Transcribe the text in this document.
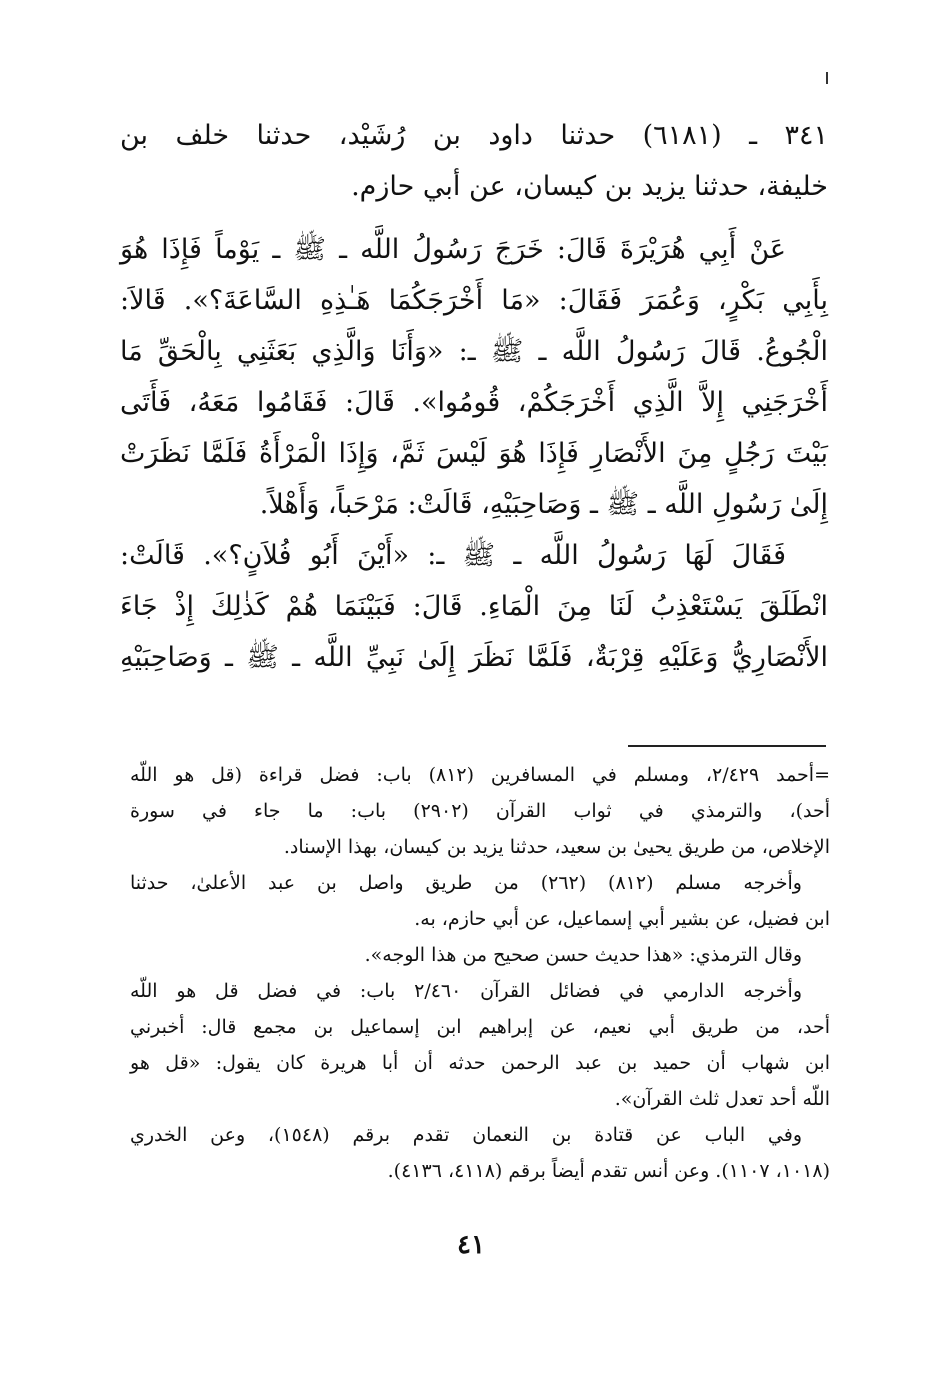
٣٤١ ـ (٦١٨١) حدثنا داود بن رُشَيْد، حدثنا خلف بن
خليفة، حدثنا يزيد بن كيسان، عن أبي حازم.
عَنْ أَبِي هُرَيْرَةَ قَالَ: خَرَجَ رَسُولُ اللَّه ـ ﷺ ـ يَوْماً فَإِذَا هُوَ
بِأَبِي بَكْرٍ، وَعُمَرَ فَقَالَ: «مَا أَخْرَجَكُمَا هَـٰذِهِ السَّاعَةَ؟». قَالاَ:
الْجُوعُ. قَالَ رَسُولُ اللَّه ـ ﷺ ـ: «وَأَنَا وَالَّذِي بَعَثَنِي بِالْحَقِّ مَا
أَخْرَجَنِي إِلاَّ الَّذِي أَخْرَجَكُمْ، قُومُوا». قَالَ: فَقَامُوا مَعَهُ، فَأَتَى
بَيْتَ رَجُلٍ مِنَ الأَنْصَارِ فَإِذَا هُوَ لَيْسَ ثَمَّ، وَإِذَا الْمَرْأَةُ فَلَمَّا نَظَرَتْ
إِلَىٰ رَسُولِ اللَّه ـ ﷺ ـ وَصَاحِبَيْهِ، قَالَتْ: مَرْحَباً، وَأَهْلاً.
فَقَالَ لَهَا رَسُولُ اللَّه ـ ﷺ ـ: «أَيْنَ أَبُو فُلاَنٍ؟». قَالَتْ:
انْطَلَقَ يَسْتَعْذِبُ لَنَا مِنَ الْمَاءِ. قَالَ: فَبَيْنَمَا هُمْ كَذٰلِكَ إِذْ جَاءَ
الأَنْصَارِيُّ وَعَلَيْهِ قِرْبَةٌ، فَلَمَّا نَظَرَ إِلَىٰ نَبِيِّ اللَّه ـ ﷺ ـ وَصَاحِبَيْهِ
=أحمد ٢/٤٢٩، ومسلم في المسافرين (٨١٢) باب: فضل قراءة (قل هو اللّه
أحد)، والترمذي في ثواب القرآن (٢٩٠٢) باب: ما جاء في سورة
الإخلاص، من طريق يحيىٰ بن سعيد، حدثنا يزيد بن كيسان، بهذا الإسناد.
وأخرجه مسلم (٨١٢) (٢٦٢) من طريق واصل بن عبد الأعلىٰ، حدثنا
ابن فضيل، عن بشير أبي إسماعيل، عن أبي حازم، به.
وقال الترمذي: «هذا حديث حسن صحيح من هذا الوجه».
وأخرجه الدارمي في فضائل القرآن ٢/٤٦٠ باب: في فضل قل هو اللّه
أحد، من طريق أبي نعيم، عن إبراهيم ابن إسماعيل بن مجمع قال: أخبرني
ابن شهاب أن حميد بن عبد الرحمن حدثه أن أبا هريرة كان يقول: «قل هو
اللّه أحد تعدل ثلث القرآن».
وفي الباب عن قتادة بن النعمان تقدم برقم (١٥٤٨)، وعن الخدري
(١٠١٨، ١١٠٧). وعن أنس تقدم أيضاً برقم (٤١١٨، ٤١٣٦).
٤١
